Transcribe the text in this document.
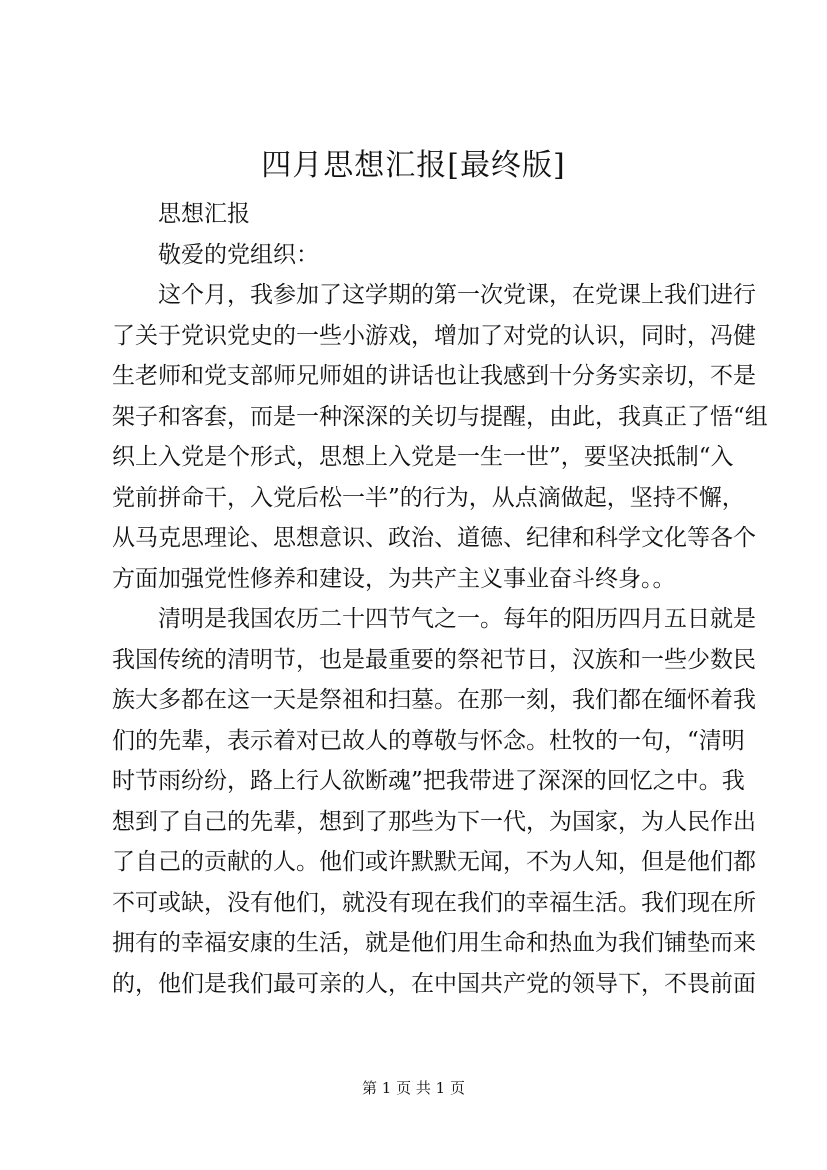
四月思想汇报[最终版]
思想汇报
敬爱的党组织：
这个月，我参加了这学期的第一次党课，在党课上我们进行
了关于党识党史的一些小游戏，增加了对党的认识，同时，冯健
生老师和党支部师兄师姐的讲话也让我感到十分务实亲切，不是
架子和客套，而是一种深深的关切与提醒，由此，我真正了悟“组
织上入党是个形式，思想上入党是一生一世”，要坚决抵制“入
党前拼命干，入党后松一半”的行为，从点滴做起，坚持不懈，
从马克思理论、思想意识、政治、道德、纪律和科学文化等各个
方面加强党性修养和建设，为共产主义事业奋斗终身。。
清明是我国农历二十四节气之一。每年的阳历四月五日就是
我国传统的清明节，也是最重要的祭祀节日，汉族和一些少数民
族大多都在这一天是祭祖和扫墓。在那一刻，我们都在缅怀着我
们的先辈，表示着对已故人的尊敬与怀念。杜牧的一句，“清明
时节雨纷纷，路上行人欲断魂”把我带进了深深的回忆之中。我
想到了自己的先辈，想到了那些为下一代，为国家，为人民作出
了自己的贡献的人。他们或许默默无闻，不为人知，但是他们都
不可或缺，没有他们，就没有现在我们的幸福生活。我们现在所
拥有的幸福安康的生活，就是他们用生命和热血为我们铺垫而来
的，他们是我们最可亲的人，在中国共产党的领导下，不畏前面
第 1 页 共 1 页
